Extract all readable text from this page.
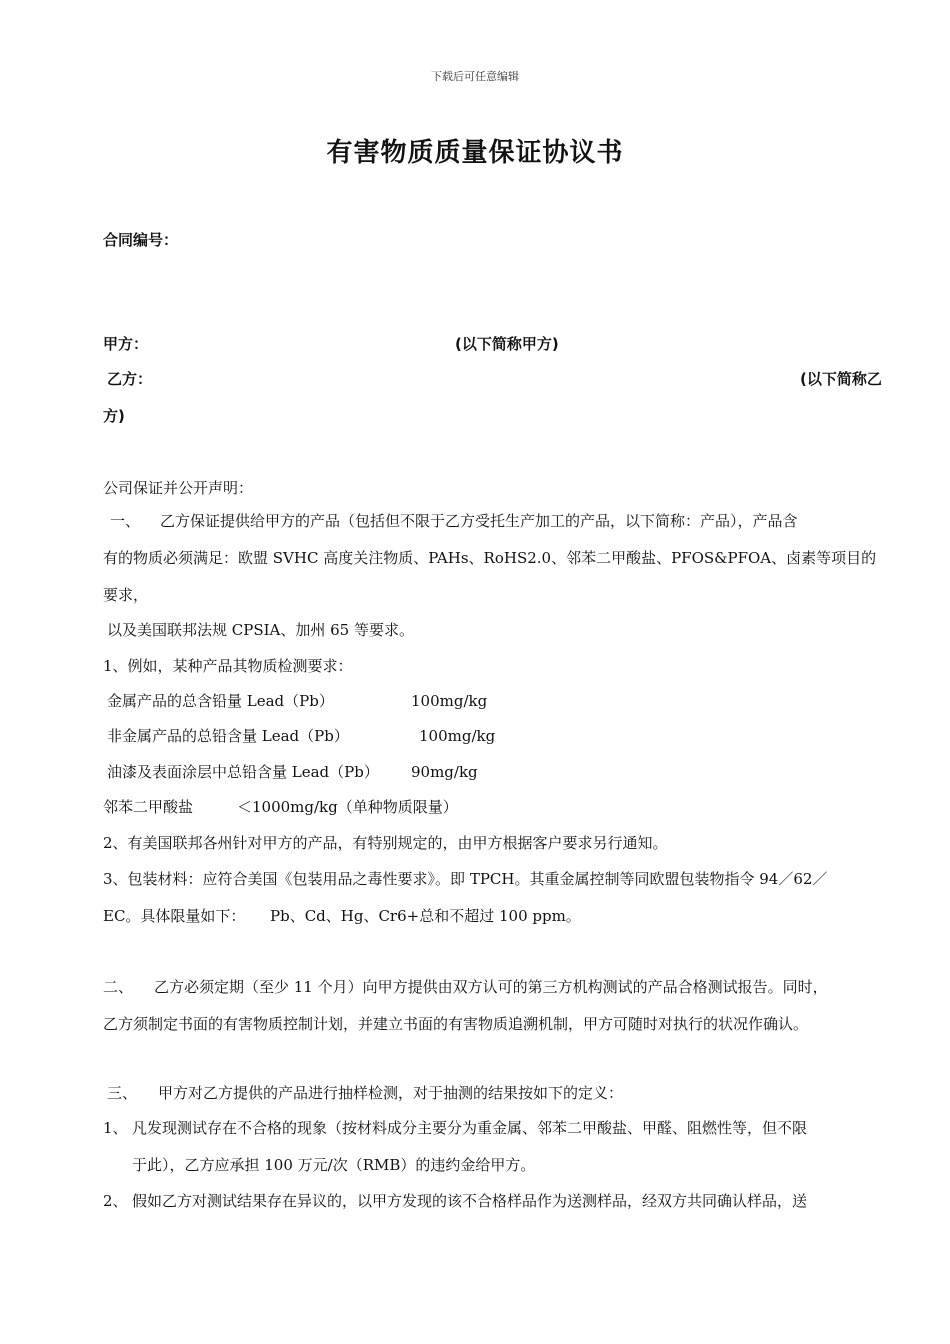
下载后可任意编辑
有害物质质量保证协议书
合同编号：
甲方：	(以下简称甲方)
乙方：	(以下简称乙
方)
公司保证并公开声明：
一、 乙方保证提供给甲方的产品（包括但不限于乙方受托生产加工的产品，以下简称：产品），产品含
有的物质必须满足：欧盟 SVHC 高度关注物质、PAHs、RoHS2.0、邻苯二甲酸盐、PFOS&PFOA、卤素等项目的
要求，
以及美国联邦法规 CPSIA、加州 65 等要求。
1、例如，某种产品其物质检测要求：
金属产品的总含铅量 Lead（Pb）	100mg/kg
非金属产品的总铅含量 Lead（Pb）	100mg/kg
油漆及表面涂层中总铅含量 Lead（Pb） 90mg/kg
邻苯二甲酸盐	＜1000mg/kg（单种物质限量）
2、有美国联邦各州针对甲方的产品，有特别规定的，由甲方根据客户要求另行通知。
3、包装材料：应符合美国《包装用品之毒性要求》。即 TPCH。其重金属控制等同欧盟包装物指令 94／62／
EC。具体限量如下： Pb、Cd、Hg、Cr6+总和不超过 100 ppm。
二、 乙方必须定期（至少 11 个月）向甲方提供由双方认可的第三方机构测试的产品合格测试报告。同时，
乙方须制定书面的有害物质控制计划，并建立书面的有害物质追溯机制，甲方可随时对执行的状况作确认。
三、 甲方对乙方提供的产品进行抽样检测，对于抽测的结果按如下的定义：
1、 凡发现测试存在不合格的现象（按材料成分主要分为重金属、邻苯二甲酸盐、甲醛、阻燃性等，但不限
于此），乙方应承担 100 万元/次（RMB）的违约金给甲方。
2、 假如乙方对测试结果存在异议的，以甲方发现的该不合格样品作为送测样品，经双方共同确认样品，送
